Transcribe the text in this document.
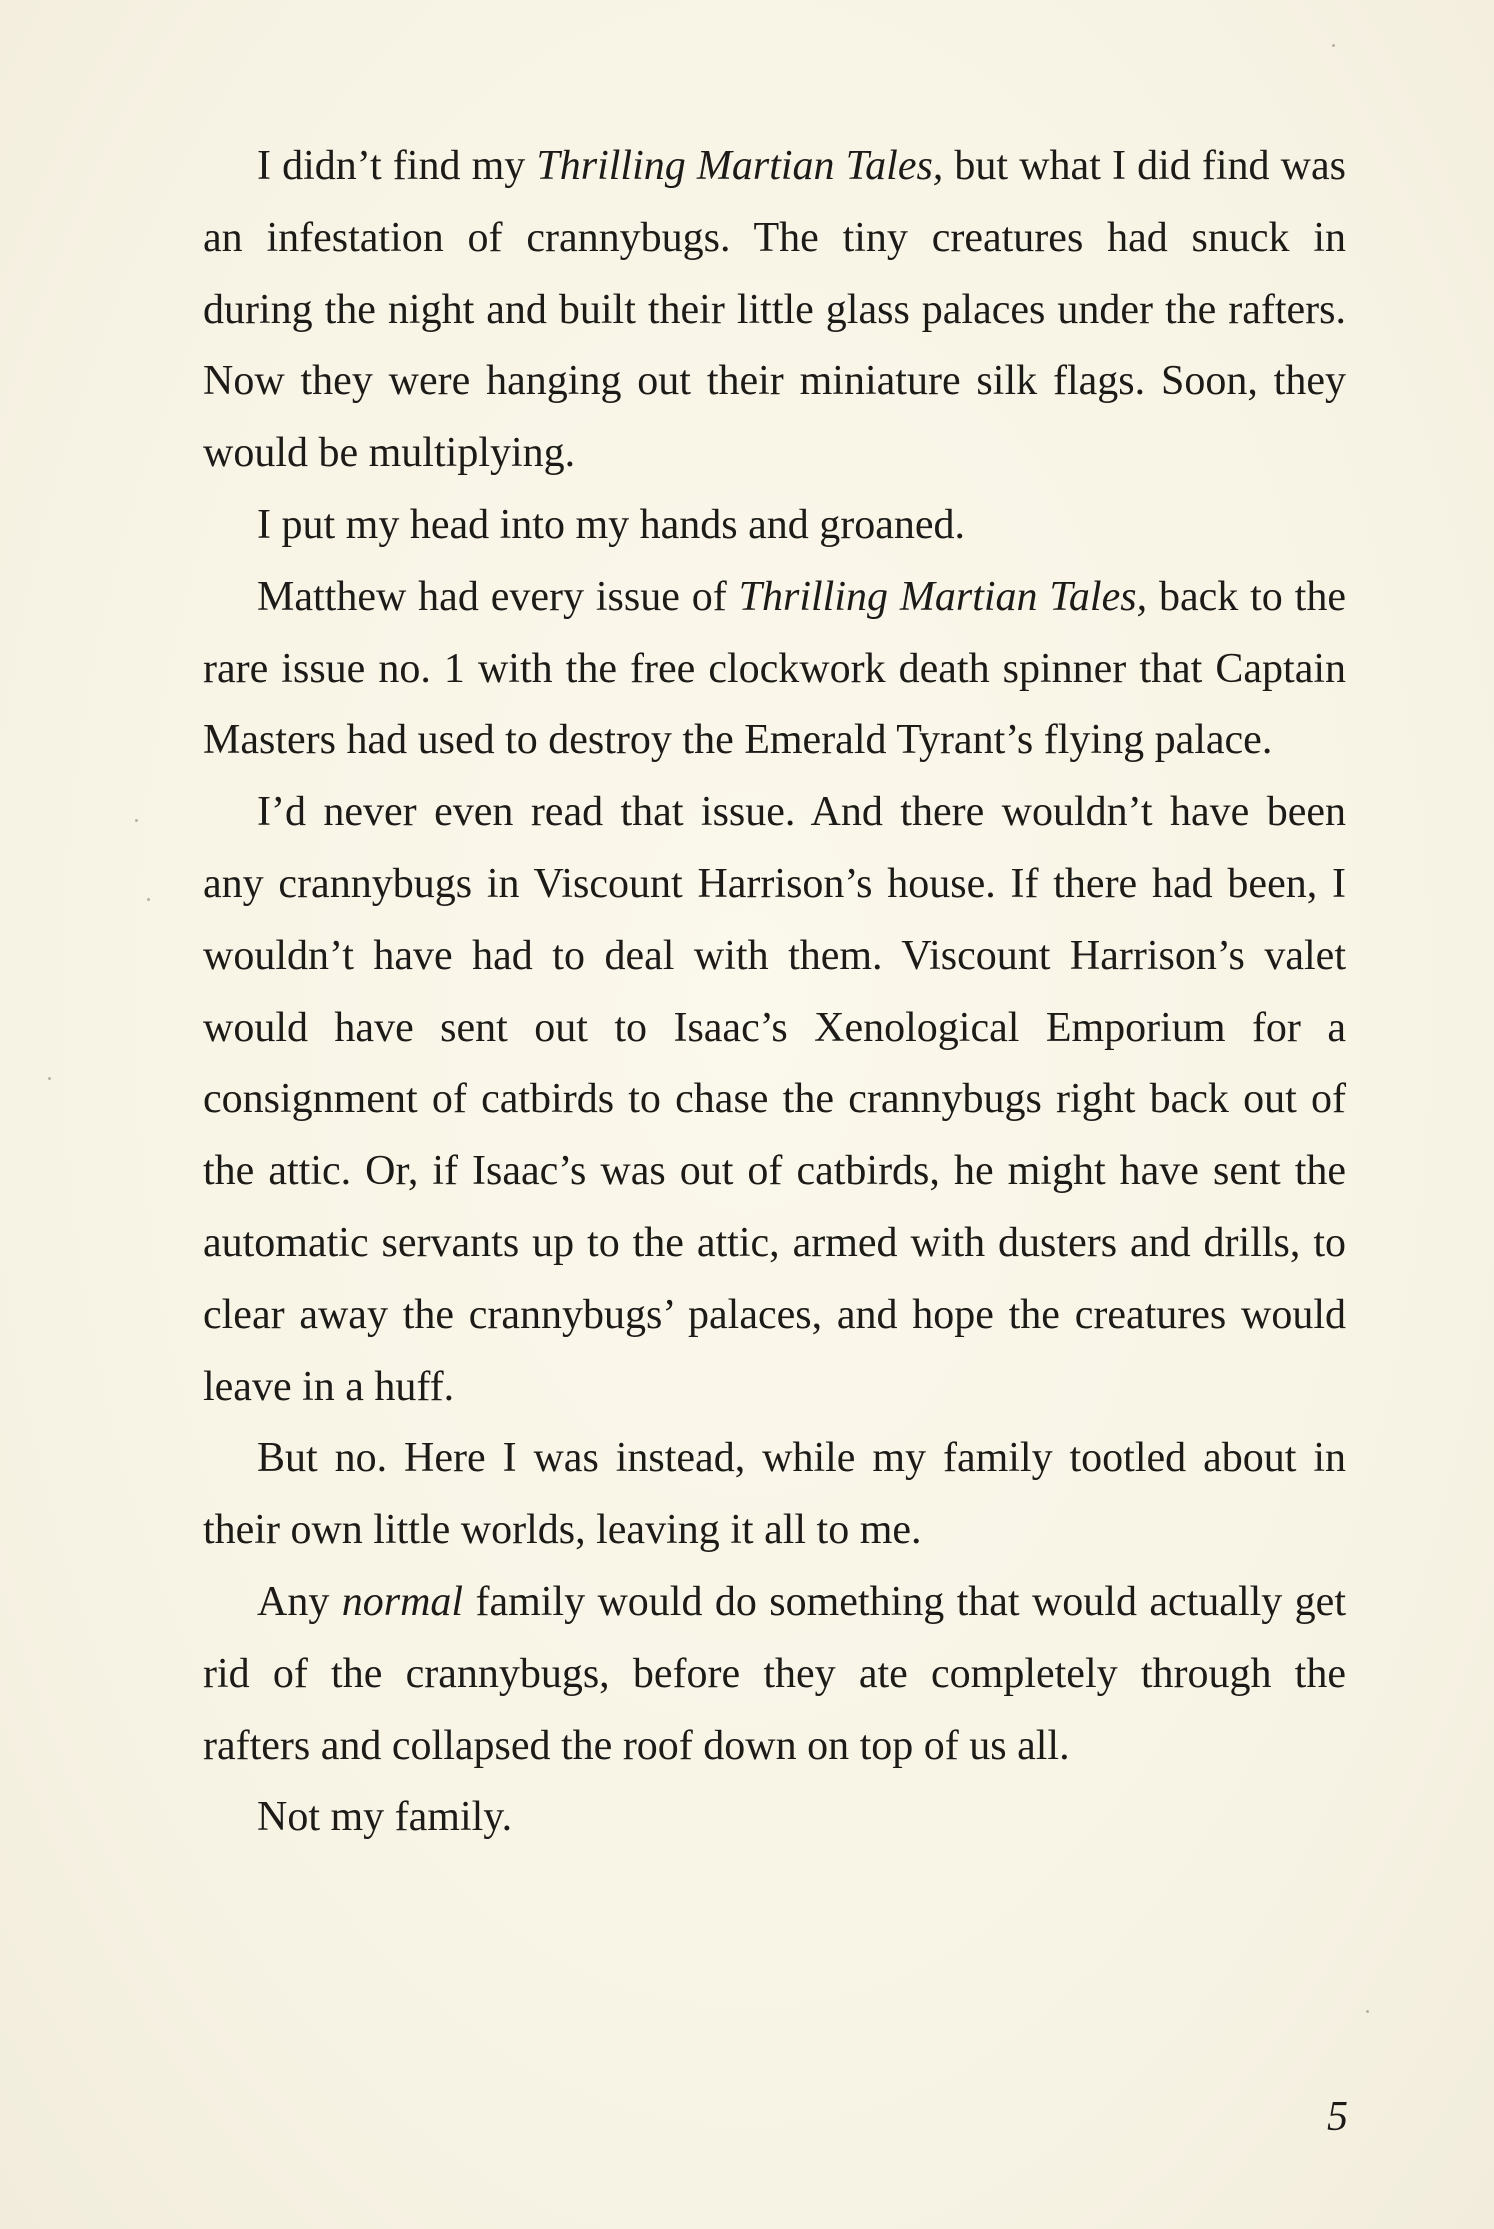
I didn’t find my Thrilling Martian Tales, but what I did find was an infestation of crannybugs. The tiny creatures had snuck in during the night and built their little glass palaces under the rafters. Now they were hanging out their miniature silk flags. Soon, they would be multiplying.

I put my head into my hands and groaned.

Matthew had every issue of Thrilling Martian Tales, back to the rare issue no. 1 with the free clockwork death spinner that Captain Masters had used to destroy the Emerald Tyrant’s flying palace.

I’d never even read that issue. And there wouldn’t have been any crannybugs in Viscount Harrison’s house. If there had been, I wouldn’t have had to deal with them. Viscount Harrison’s valet would have sent out to Isaac’s Xenological Emporium for a consignment of catbirds to chase the crannybugs right back out of the attic. Or, if Isaac’s was out of catbirds, he might have sent the automatic servants up to the attic, armed with dusters and drills, to clear away the crannybugs’ palaces, and hope the creatures would leave in a huff.

But no. Here I was instead, while my family tootled about in their own little worlds, leaving it all to me.

Any normal family would do something that would actually get rid of the crannybugs, before they ate completely through the rafters and collapsed the roof down on top of us all.

Not my family.

5
